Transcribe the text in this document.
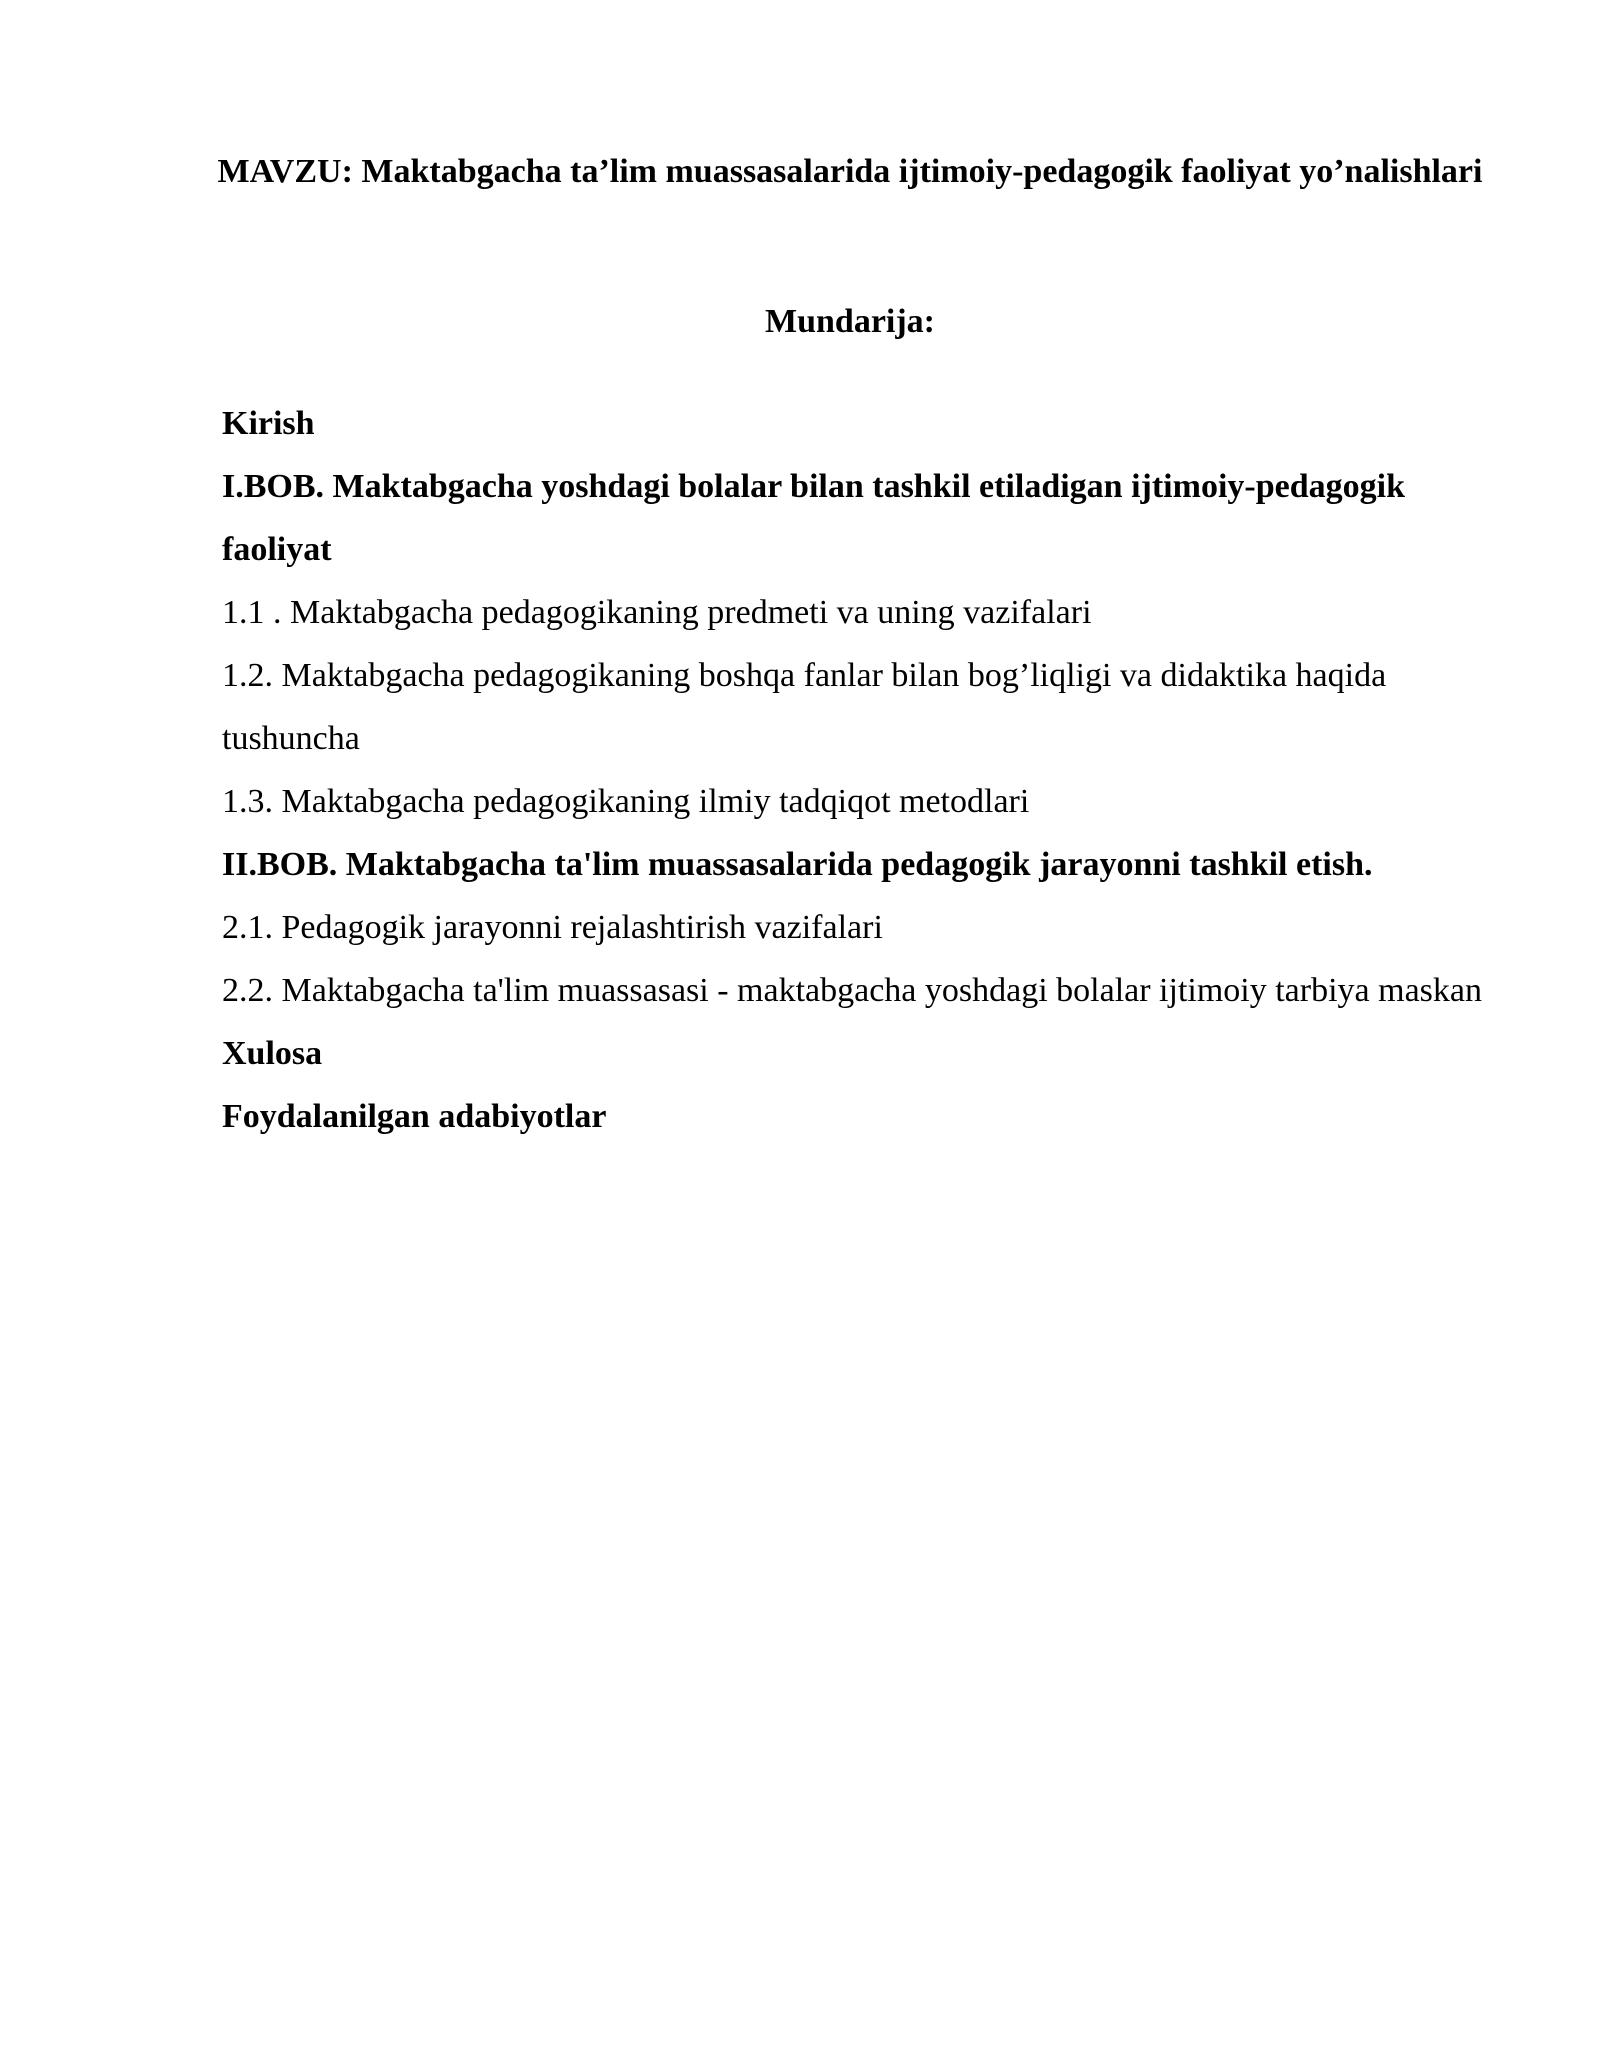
MAVZU: Maktabgacha ta’lim muassasalarida ijtimoiy-pedagogik faoliyat yo’nalishlari
Mundarija:
Kirish
I.BOB. Maktabgacha yoshdagi bolalar bilan tashkil etiladigan ijtimoiy-pedagogik faoliyat
1.1 . Maktabgacha pedagogikaning predmeti va uning vazifalari
1.2. Maktabgacha pedagogikaning boshqa fanlar bilan bog’liqligi va didaktika haqida tushuncha
1.3. Maktabgacha pedagogikaning ilmiy tadqiqot metodlari
II.BOB. Maktabgacha ta'lim muassasalarida pedagogik jarayonni tashkil etish.
2.1. Pedagogik jarayonni rejalashtirish vazifalari
2.2. Maktabgacha ta'lim muassasasi - maktabgacha yoshdagi bolalar ijtimoiy tarbiya maskan
Xulosa
Foydalanilgan adabiyotlar
